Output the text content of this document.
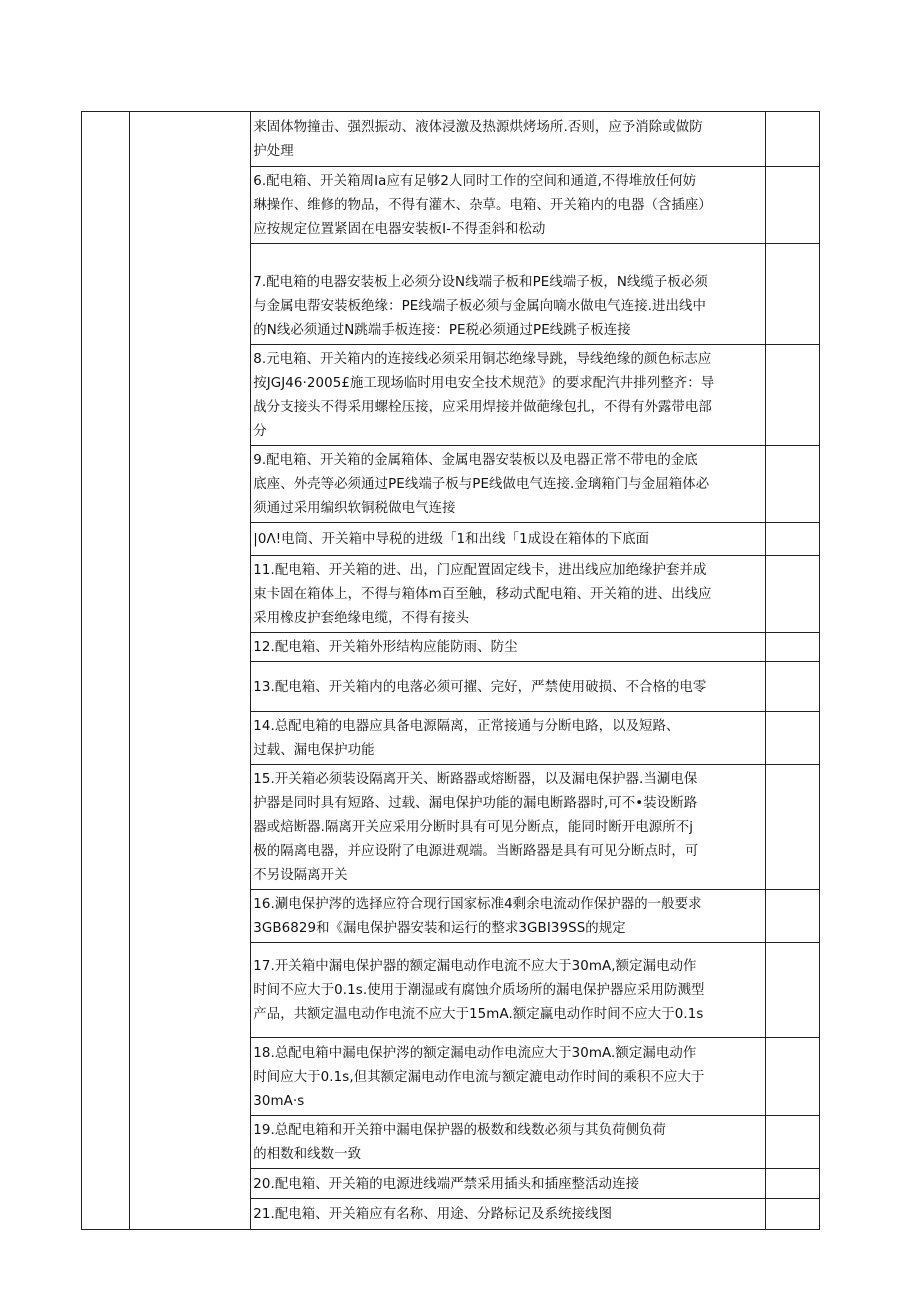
		来固体物撞击、强烈振动、液体浸激及热源烘烤场所.否则，应予消除或做防
护处理	

		6.配电箱、开关箱周Ia应有足够2人同时工作的空间和通道,不得堆放任何妨
琳操作、维修的物品，不得有灌木、杂草。电箱、开关箱内的电器（含插座）
应按规定位置紧固在电器安装板I-不得歪斜和松动	

7.配电箱的电器安装板上必须分设N线端子板和PE线端子板，N线缆子板必须
与金属电帮安装板绝缘：PE线端子板必须与金属向嘀水做电气连接.进出线中
的N线必须通过N跳端手板连接：PE税必须通过PE线跳子板连接	

		8.元电箱、开关箱内的连接线必须采用铜芯绝缘导跳，导线绝缘的颜色标志应
按JGJ46·2005£施工现场临时用电安全技术规范》的要求配汽井排列整齐：导
战分支接头不得采用螺栓压接，应采用焊接并做葩缘包扎，不得有外露带电部
分	

		9.配电箱、开关箱的金属箱体、金属电器安装板以及电器正常不带电的金底
底座、外壳等必须通过PE线端子板与PE线做电气连接.金璃箱门与金屈箱体必
须通过采用编织软铜税做电气连接	

		|0Λ!电筒、开关箱中导税的进级「1和出线「1成设在箱体的下底面	

		11.配电箱、开关箱的进、出，门应配置固定线卡，进出线应加绝缘护套并成
束卡固在箱体上，不得与箱体m百至触，移动式配电箱、开关箱的进、出线应
采用橡皮护套绝缘电缆，不得有接头	

		12.配电箱、开关箱外形结构应能防雨、防尘	

		13.配电箱、开关箱内的电落必须可擢、完好，严禁使用破损、不合格的电零	

		14.总配电箱的电器应具备电源隔离，正常接通与分断电路，以及短路、
过载、漏电保护功能	

		15.开关箱必须装设隔离开关、断路器或熔断器，以及漏电保护器.当涮电保
护器是同时具有短路、过载、漏电保护功能的漏电断路器时,可不•装设断路
器或焙断器.隔离开关应采用分断时具有可见分断点，能同时断开电源所不j
极的隔离电器，并应设附了电源进观端。当断路器是具有可见分断点时，可
不另设隔离开关	

		16.涮电保护涔的选择应符合现行国家标准4剩余电流动作保护器的一般要求
3GB6829和《漏电保护器安装和运行的整求3GBI39SS的规定	

		17.开关箱中漏电保护器的额定漏电动作电流不应大于30mA,额定漏电动作
时间不应大于0.1s.使用于潮湿或有腐蚀介质场所的漏电保护器应采用防溅型
产品，共额定温电动作电流不应大于15mA.额定赢电动作时间不应大于0.1s	

		18.总配电箱中漏电保护涔的额定漏电动作电流应大于30mA.额定漏电动作
时间应大于0.1s,但其额定漏电动作电流与额定漉电动作时间的乘积不应大于
30mA·s	

		19.总配电箱和开关箝中漏电保护器的极数和线数必须与其负荷侧负荷
的相数和线数一致	

		20.配电箱、开关箱的电源进线端严禁采用插头和插座整活动连接	

		21.配电箱、开关箱应有名称、用途、分路标记及系统接线图	
